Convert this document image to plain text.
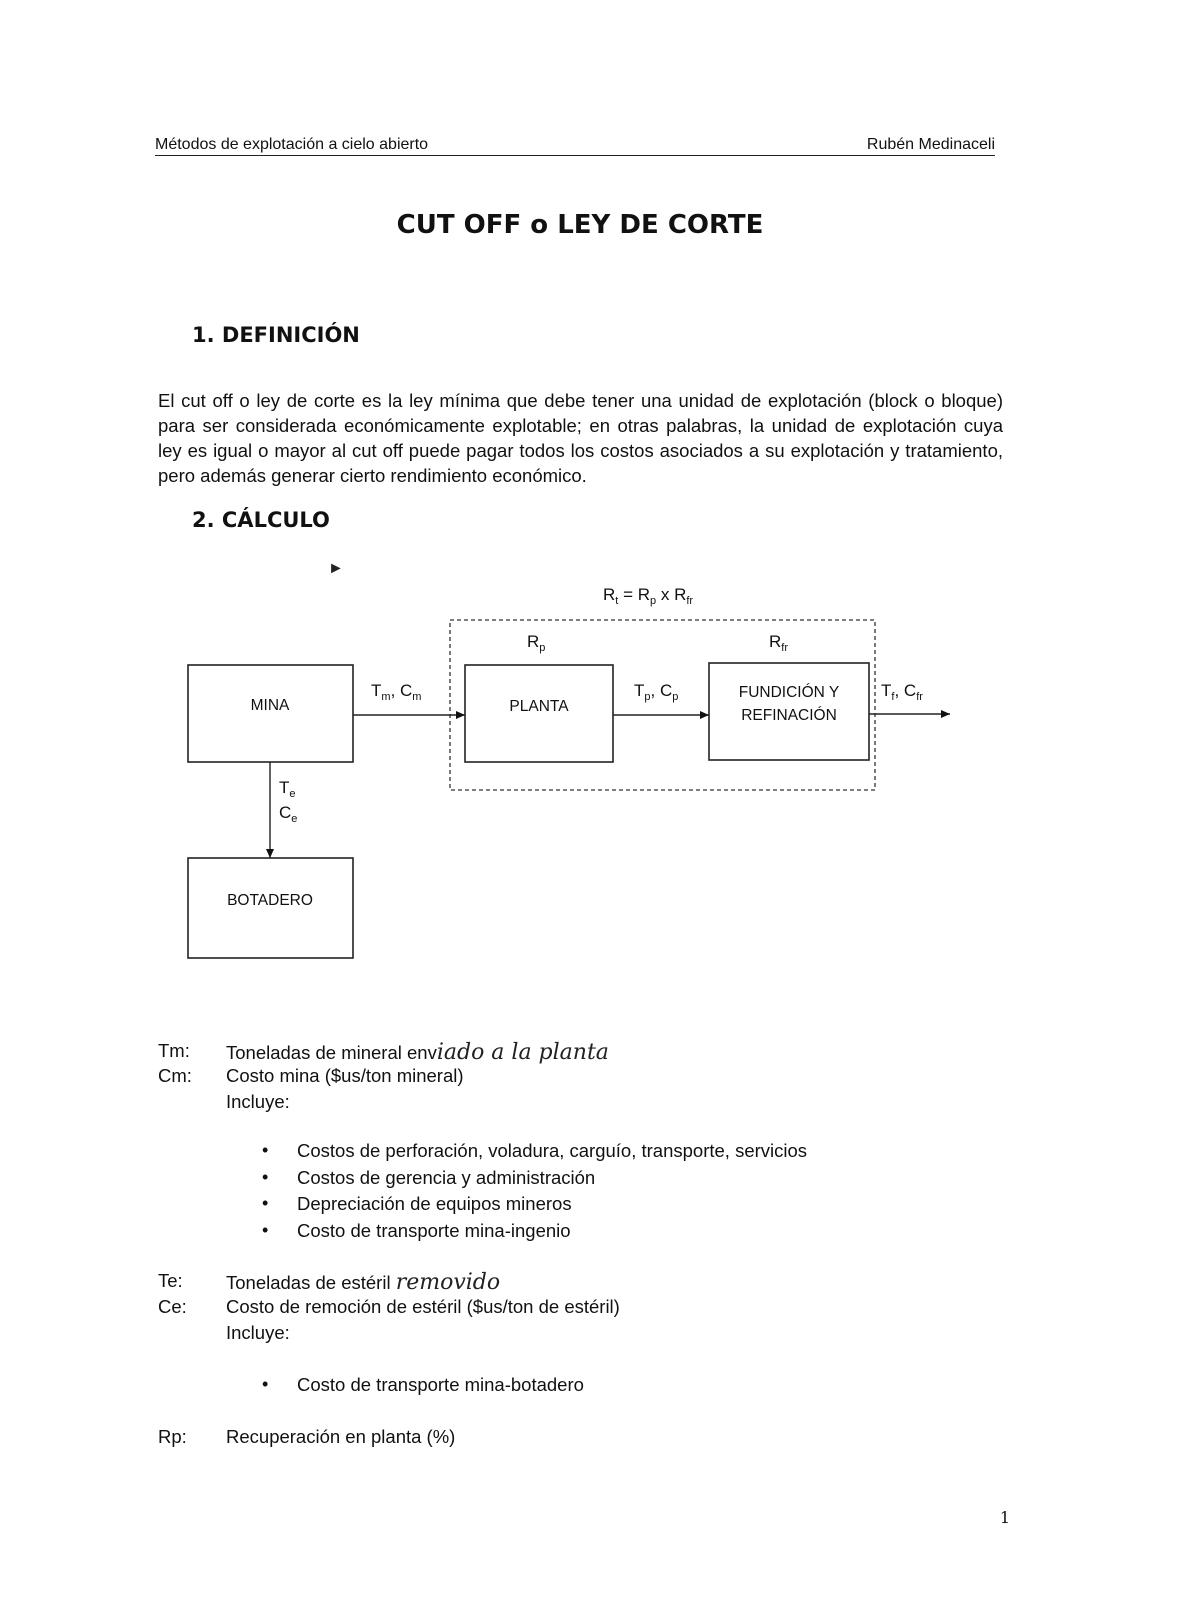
Métodos de explotación a cielo abierto	Rubén Medinaceli
CUT OFF o LEY DE CORTE
1. DEFINICIÓN
El cut off o ley de corte es la ley mínima que debe tener una unidad de explotación (block o bloque) para ser considerada económicamente explotable; en otras palabras, la unidad de explotación cuya ley es igual o mayor al cut off puede pagar todos los costos asociados a su explotación y tratamiento, pero además generar cierto rendimiento económico.
2. CÁLCULO
►
$R_t = R_p$ x $R_{fr}$
$R_p$	$R_{fr}$
MINA	PLANTA
FUNDICIÓN Y
REFINACIÓN
BOTADERO
$T_m$, $C_m$	$T_p$, $C_p$	$T_f$, $C_{fr}$
$T_e$
$C_e$
Tm:	Toneladas de mineral enviado a la planta
Cm:	Costo mina ($us/ton mineral)
Incluye:
• Costos de perforación, voladura, carguío, transporte, servicios
• Costos de gerencia y administración
• Depreciación de equipos mineros
• Costo de transporte mina-ingenio
Te:	Toneladas de estéril removido
Ce:	Costo de remoción de estéril ($us/ton de estéril)
Incluye:
• Costo de transporte mina-botadero
Rp:	Recuperación en planta (%)
1
